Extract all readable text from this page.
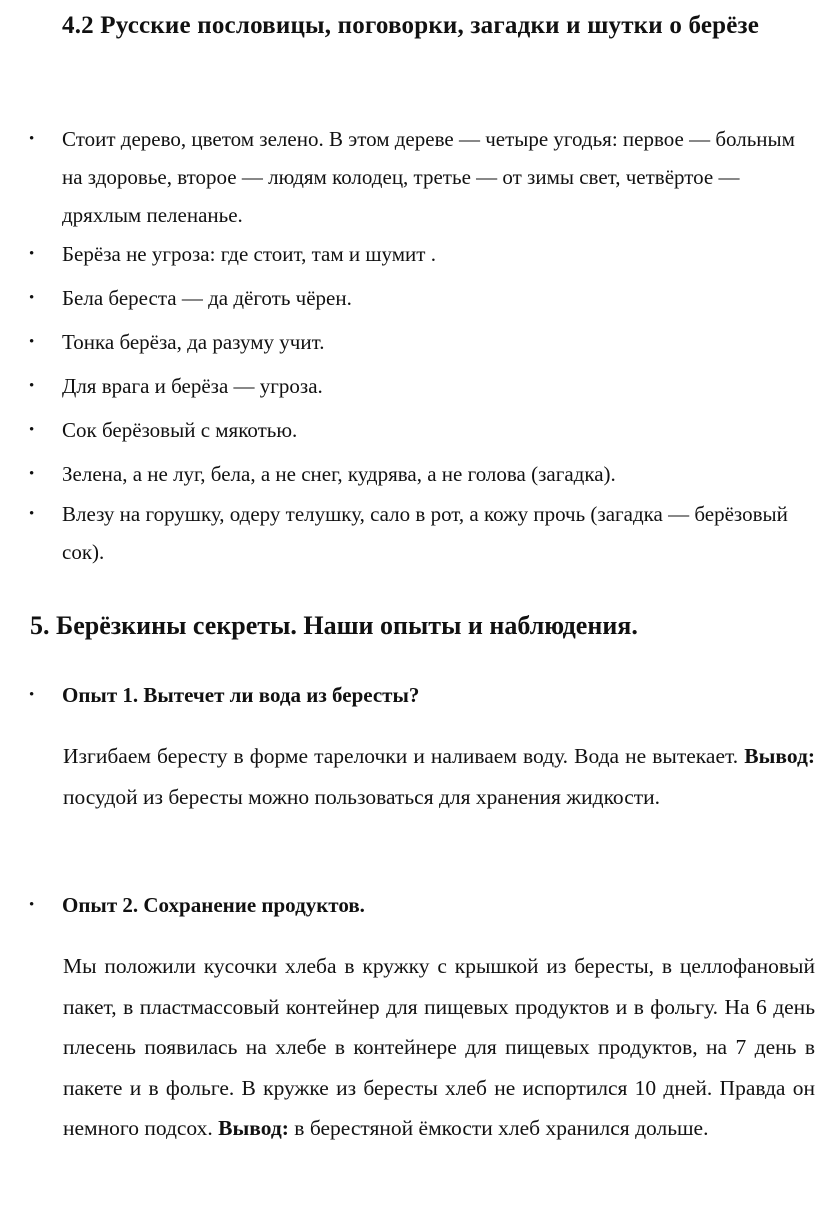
4.2 Русские пословицы, поговорки, загадки и шутки о берёзе
• Стоит дерево, цветом зелено. В этом дереве — четыре угодья: первое — больным на здоровье, второе — людям колодец, третье — от зимы свет, четвёртое — дряхлым пеленанье.
• Берёза не угроза: где стоит, там и шумит .
• Бела береста — да дёготь чёрен.
• Тонка берёза, да разуму учит.
• Для врага и берёза — угроза.
• Сок берёзовый с мякотью.
• Зелена, а не луг, бела, а не снег, кудрява, а не голова (загадка).
• Влезу на горушку, одеру телушку, сало в рот, а кожу прочь (загадка — берёзовый сок).
5. Берёзкины секреты. Наши опыты и наблюдения.
• Опыт 1. Вытечет ли вода из бересты?

Изгибаем бересту в форме тарелочки и наливаем воду. Вода не вытекает. Вывод: посудой из бересты можно пользоваться для хранения жидкости.

• Опыт 2. Сохранение продуктов.

Мы положили кусочки хлеба в кружку с крышкой из бересты, в целлофановый пакет, в пластмассовый контейнер для пищевых продуктов и в фольгу. На 6 день плесень появилась на хлебе в контейнере для пищевых продуктов, на 7 день в пакете и в фольге. В кружке из бересты хлеб не испортился 10 дней. Правда он немного подсох. Вывод: в берестяной ёмкости хлеб хранился дольше.
